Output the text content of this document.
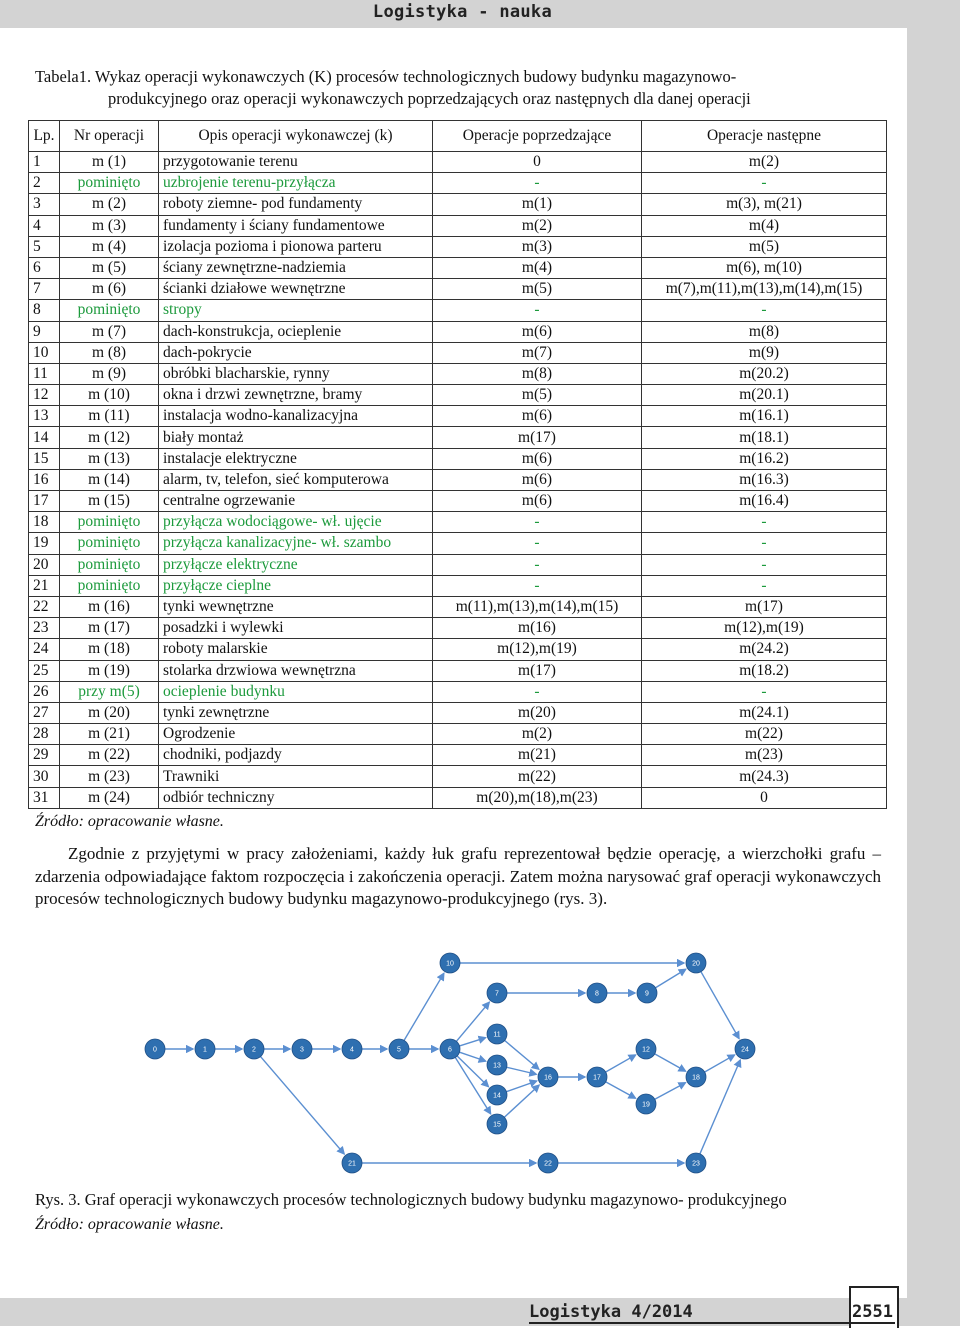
Logistyka - nauka
Tabela1. Wykaz operacji wykonawczych (K) procesów technologicznych budowy budynku magazynowo-
produkcyjnego oraz operacji wykonawczych poprzedzających oraz następnych dla danej operacji
Lp.	Nr operacji	Opis operacji wykonawczej (k)	Operacje poprzedzające	Operacje następne
1	m (1)	przygotowanie terenu	0	m(2)
2	pominięto	uzbrojenie terenu-przyłącza	-	-
3	m (2)	roboty ziemne- pod fundamenty	m(1)	m(3), m(21)
4	m (3)	fundamenty i ściany fundamentowe	m(2)	m(4)
5	m (4)	izolacja pozioma i pionowa parteru	m(3)	m(5)
6	m (5)	ściany zewnętrzne-nadziemia	m(4)	m(6), m(10)
7	m (6)	ścianki działowe wewnętrzne	m(5)	m(7),m(11),m(13),m(14),m(15)
8	pominięto	stropy	-	-
9	m (7)	dach-konstrukcja, ocieplenie	m(6)	m(8)
10	m (8)	dach-pokrycie	m(7)	m(9)
11	m (9)	obróbki blacharskie, rynny	m(8)	m(20.2)
12	m (10)	okna i drzwi zewnętrzne, bramy	m(5)	m(20.1)
13	m (11)	instalacja wodno-kanalizacyjna	m(6)	m(16.1)
14	m (12)	biały montaż	m(17)	m(18.1)
15	m (13)	instalacje elektryczne	m(6)	m(16.2)
16	m (14)	alarm, tv, telefon, sieć komputerowa	m(6)	m(16.3)
17	m (15)	centralne ogrzewanie	m(6)	m(16.4)
18	pominięto	przyłącza wodociągowe- wł. ujęcie	-	-
19	pominięto	przyłącza kanalizacyjne- wł. szambo	-	-
20	pominięto	przyłącze elektryczne	-	-
21	pominięto	przyłącze cieplne	-	-
22	m (16)	tynki wewnętrzne	m(11),m(13),m(14),m(15)	m(17)
23	m (17)	posadzki i wylewki	m(16)	m(12),m(19)
24	m (18)	roboty malarskie	m(12),m(19)	m(24.2)
25	m (19)	stolarka drzwiowa wewnętrzna	m(17)	m(18.2)
26	przy m(5)	ocieplenie budynku	-	-
27	m (20)	tynki zewnętrzne	m(20)	m(24.1)
28	m (21)	Ogrodzenie	m(2)	m(22)
29	m (22)	chodniki, podjazdy	m(21)	m(23)
30	m (23)	Trawniki	m(22)	m(24.3)
31	m (24)	odbiór techniczny	m(20),m(18),m(23)	0
Źródło: opracowanie własne.
Zgodnie z przyjętymi w pracy założeniami, każdy łuk grafu reprezentował będzie operację, a wierzchołki grafu – zdarzenia odpowiadające faktom rozpoczęcia i zakończenia operacji. Zatem można narysować graf operacji wykonawczych procesów technologicznych budowy budynku magazynowo-produkcyjnego (rys. 3).
0	1	2	3	4	5	6
10
7	8	9
20
11
13
14
15
16	17
12
18
19
24
21	22	23
Rys. 3. Graf operacji wykonawczych procesów technologicznych budowy budynku magazynowo- produkcyjnego
Źródło: opracowanie własne.
Logistyka 4/2014	2551
